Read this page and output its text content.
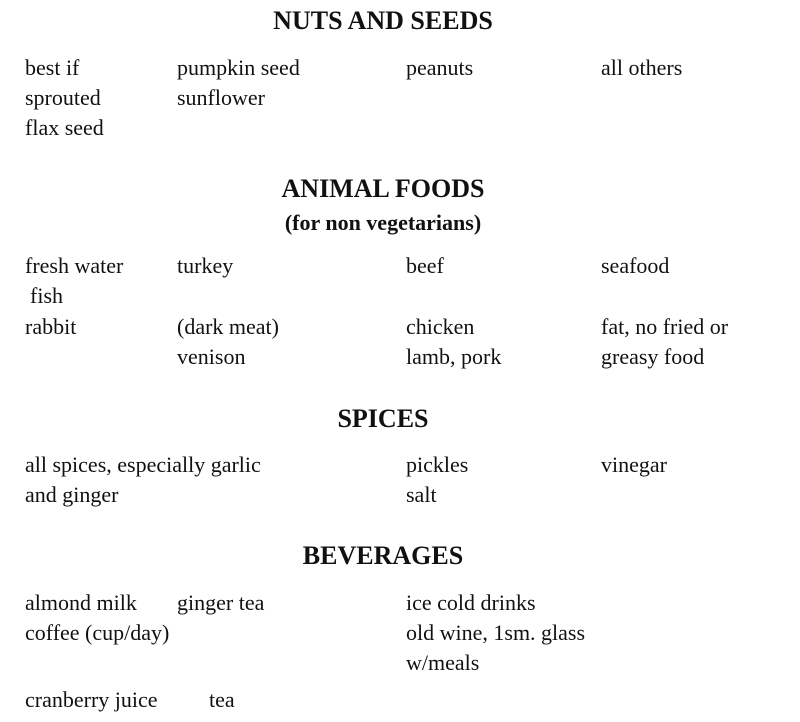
NUTS AND SEEDS
best if
sprouted
flax seed
pumpkin seed
sunflower
peanuts	all others
ANIMAL FOODS
(for non vegetarians)
fresh water
fish
rabbit
turkey
(dark meat)
venison
beef
chicken
lamb, pork
seafood
fat, no fried or
greasy food
SPICES
all spices, especially garlic
and ginger
pickles
salt
vinegar
BEVERAGES
almond milk
coffee (cup/day)
cranberry juice
ginger tea
tea
ice cold drinks
old wine, 1sm. glass
w/meals
